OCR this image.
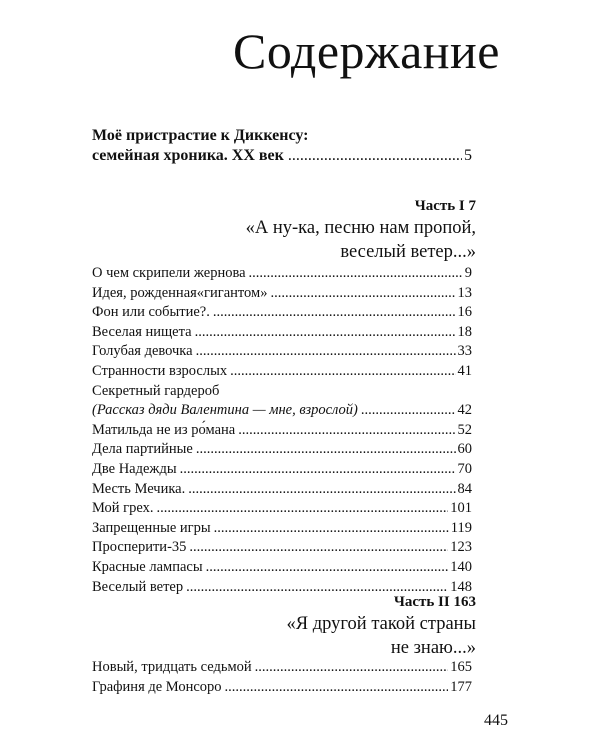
Содержание
Моё пристрастие к Диккенсу:
семейная хроника. XX век .....	5
Часть I 7
«А ну-ка, песню нам пропой,
веселый ветер...»
О чем скрипели жернова .....	9
Идея, рожденная«гигантом» .....	13
Фон или событие?. .....	16
Веселая нищета .....	18
Голубая девочка .....	33
Странности взрослых .....	41
Секретный гардероб
(Рассказ дяди Валентина — мне, взрослой) .....	42
Матильда не из ро́мана .....	52
Дела партийные .....	60
Две Надежды .....	70
Месть Мечика. .....	84
Мой грех. .....	101
Запрещенные игры .....	119
Просперити-35 .....	123
Красные лампасы .....	140
Веселый ветер .....	148
Часть II 163
«Я другой такой страны
не знаю...»
Новый, тридцать седьмой .....	165
Графиня де Монсоро .....	177
445
